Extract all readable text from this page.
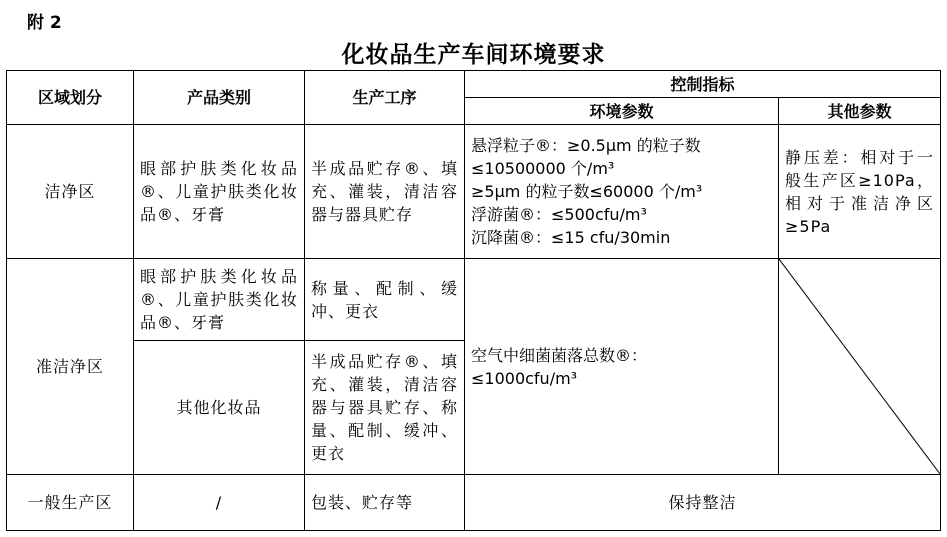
附 2
化妆品生产车间环境要求
区域划分	产品类别	生产工序	控制指标	
			环境参数	其他参数
洁净区	眼部护肤类化妆品®、儿童护肤类化妆品®、牙膏	半成品贮存®、填充、灌装，清洁容器与器具贮存	悬浮粒子®：≥0.5μm 的粒子数≤10500000 个/m³
≥5μm 的粒子数≤60000 个/m³
浮游菌®：≤500cfu/m³
沉降菌®：≤15 cfu/30min	静压差：相对于一般生产区≥10Pa，相对于准洁净区≥5Pa
准洁净区	眼部护肤类化妆品®、儿童护肤类化妆品®、牙膏	称量、配制、缓冲、更衣	空气中细菌菌落总数®：
≤1000cfu/m³

	其他化妆品	半成品贮存®、填充、灌装，清洁容器与器具贮存、称量、配制、缓冲、更衣		
一般生产区	/	包装、贮存等	保持整洁	
